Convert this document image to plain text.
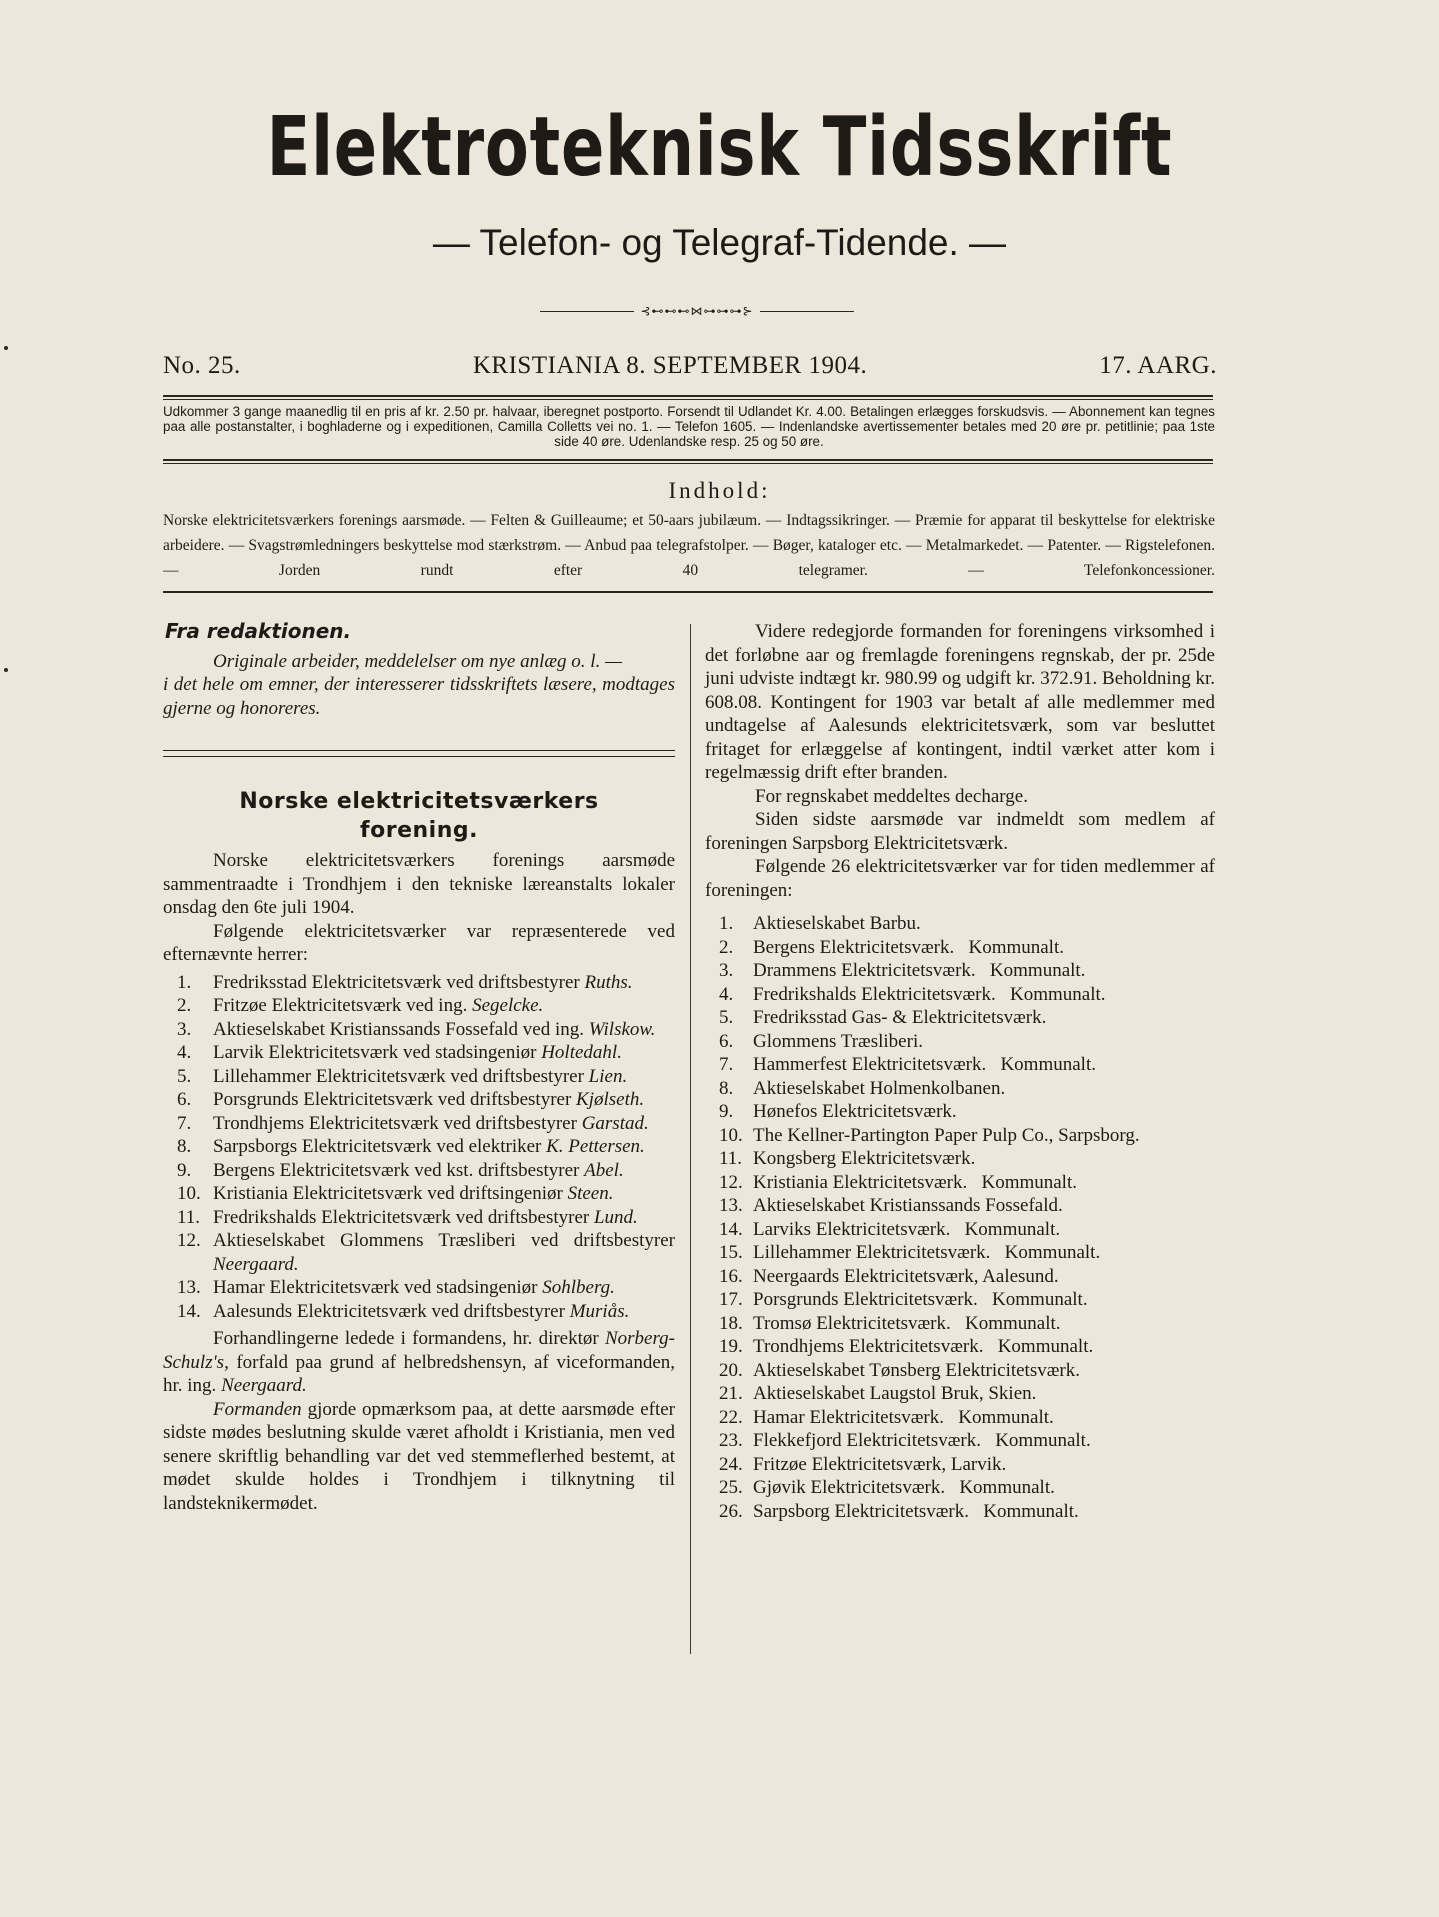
Elektroteknisk Tidsskrift
— Telefon- og Telegraf-Tidende. —
⊰⊷⊷⊷⋈⊶⊶⊶⊱
No. 25.	KRISTIANIA 8. SEPTEMBER 1904.	17. AARG.
Udkommer 3 gange maanedlig til en pris af kr. 2.50 pr. halvaar, iberegnet postporto. Forsendt til Udlandet Kr. 4.00. Betalingen erlægges forskudsvis. — Abonnement kan tegnes paa alle postanstalter, i boghladerne og i expeditionen, Camilla Colletts vei no. 1. — Telefon 1605. — Indenlandske avertissementer betales med 20 øre pr. petitlinie; paa 1ste side 40 øre. Udenlandske resp. 25 og 50 øre.
Indhold:
Norske elektricitetsværkers forenings aarsmøde. — Felten & Guilleaume; et 50-aars jubilæum. — Indtagssikringer. — Præmie for apparat til beskyttelse for elektriske arbeidere. — Svagstrømledningers beskyttelse mod stærkstrøm. — Anbud paa telegrafstolper. — Bøger, kataloger etc. — Metalmarkedet. — Patenter. — Rigstelefonen. — Jorden rundt efter 40 telegramer. — Telefonkoncessioner.
Fra redaktionen.

Originale arbeider, meddelelser om nye anlæg o. l. —

i det hele om emner, der interesserer tidsskriftets læsere, modtages gjerne og honoreres.

Norske elektricitetsværkers
forening.

Norske elektricitetsværkers forenings aarsmøde sammentraadte i Trondhjem i den tekniske læreanstalts lokaler onsdag den 6te juli 1904.

Følgende elektricitetsværker var repræsenterede ved efternævnte herrer:

1.	Fredriksstad Elektricitetsværk ved driftsbestyrer Ruths.
2.	Fritzøe Elektricitetsværk ved ing. Segelcke.
3.	Aktieselskabet Kristianssands Fossefald ved ing. Wilskow.
4.	Larvik Elektricitetsværk ved stadsingeniør Holtedahl.
5.	Lillehammer Elektricitetsværk ved driftsbestyrer Lien.
6.	Porsgrunds Elektricitetsværk ved driftsbestyrer Kjølseth.
7.	Trondhjems Elektricitetsværk ved driftsbestyrer Garstad.
8.	Sarpsborgs Elektricitetsværk ved elektriker K. Pettersen.
9.	Bergens Elektricitetsværk ved kst. driftsbestyrer Abel.
10. Kristiania Elektricitetsværk ved driftsingeniør Steen.
11. Fredrikshalds Elektricitetsværk ved driftsbestyrer Lund.
12. Aktieselskabet Glommens Træsliberi ved driftsbestyrer Neergaard.
13. Hamar Elektricitetsværk ved stadsingeniør Sohlberg.
14. Aalesunds Elektricitetsværk ved driftsbestyrer Muriås.

Forhandlingerne ledede i formandens, hr. direktør Norberg-Schulz's, forfald paa grund af helbredshensyn, af viceformanden, hr. ing. Neergaard.

Formanden gjorde opmærksom paa, at dette aarsmøde efter sidste mødes beslutning skulde været afholdt i Kristiania, men ved senere skriftlig behandling var det ved stemmeflerhed bestemt, at mødet skulde holdes i Trondhjem i tilknytning til landsteknikermødet.

Videre redegjorde formanden for foreningens virksomhed i det forløbne aar og fremlagde foreningens regnskab, der pr. 25de juni udviste indtægt kr. 980.99 og udgift kr. 372.91. Beholdning kr. 608.08. Kontingent for 1903 var betalt af alle medlemmer med undtagelse af Aalesunds elektricitetsværk, som var besluttet fritaget for erlæggelse af kontingent, indtil værket atter kom i regelmæssig drift efter branden.

For regnskabet meddeltes decharge.

Siden sidste aarsmøde var indmeldt som medlem af foreningen Sarpsborg Elektricitetsværk.

Følgende 26 elektricitetsværker var for tiden medlemmer af foreningen:

1.	Aktieselskabet Barbu.
2.	Bergens Elektricitetsværk.   Kommunalt.
3.	Drammens Elektricitetsværk.   Kommunalt.
4.	Fredrikshalds Elektricitetsværk.   Kommunalt.
5.	Fredriksstad Gas- & Elektricitetsværk.
6.	Glommens Træsliberi.
7.	Hammerfest Elektricitetsværk.   Kommunalt.
8.	Aktieselskabet Holmenkolbanen.
9.	Hønefos Elektricitetsværk.
10. The Kellner-Partington Paper Pulp Co., Sarpsborg.
11. Kongsberg Elektricitetsværk.
12. Kristiania Elektricitetsværk.   Kommunalt.
13. Aktieselskabet Kristianssands Fossefald.
14. Larviks Elektricitetsværk.   Kommunalt.
15. Lillehammer Elektricitetsværk.   Kommunalt.
16. Neergaards Elektricitetsværk, Aalesund.
17. Porsgrunds Elektricitetsværk.   Kommunalt.
18. Tromsø Elektricitetsværk.   Kommunalt.
19. Trondhjems Elektricitetsværk.   Kommunalt.
20. Aktieselskabet Tønsberg Elektricitetsværk.
21. Aktieselskabet Laugstol Bruk, Skien.
22. Hamar Elektricitetsværk.   Kommunalt.
23. Flekkefjord Elektricitetsværk.   Kommunalt.
24. Fritzøe Elektricitetsværk, Larvik.
25. Gjøvik Elektricitetsværk.   Kommunalt.
26. Sarpsborg Elektricitetsværk.   Kommunalt.
